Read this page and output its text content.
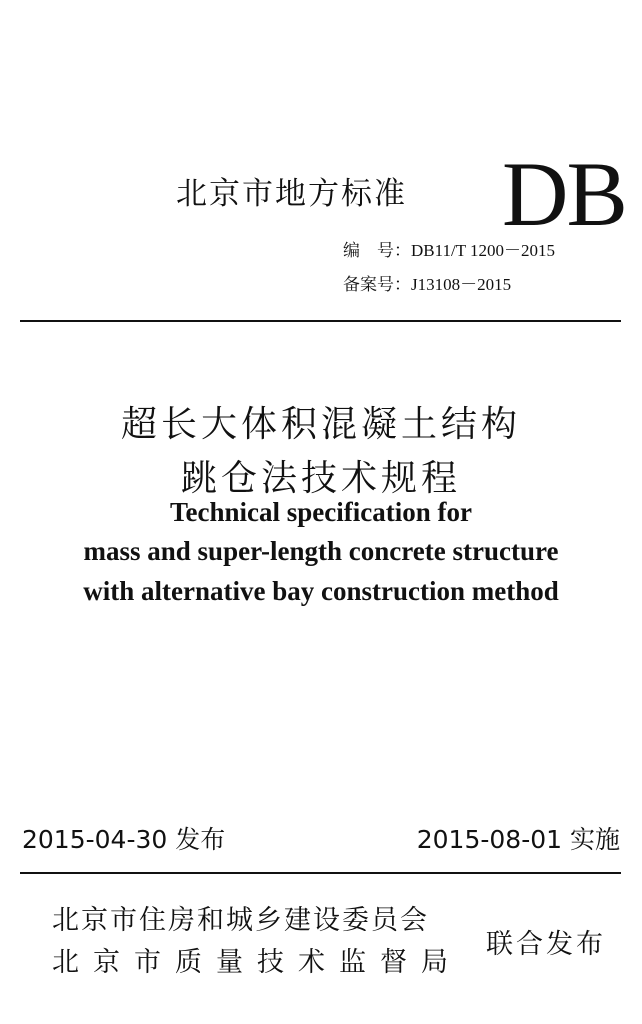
北京市地方标准 DB
编　号：DB11/T 1200－2015
备案号：J13108－2015
超长大体积混凝土结构
跳仓法技术规程
Technical specification for
mass and super-length concrete structure
with alternative bay construction method
2015-04-30 发布	2015-08-01 实施
北京市住房和城乡建设委员会
北京市质量技术监督局
联合发布
